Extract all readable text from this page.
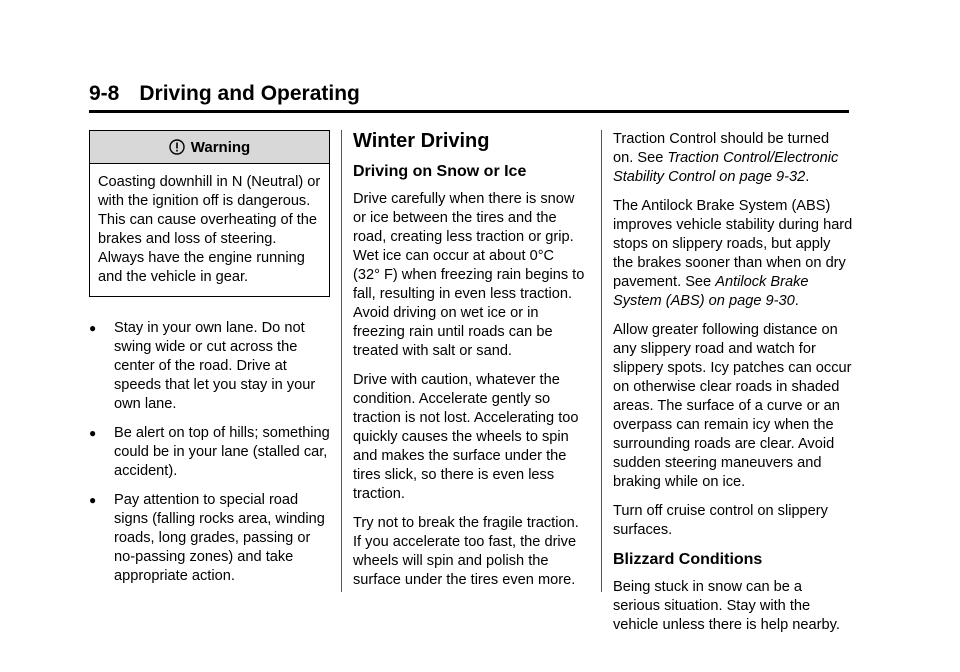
9-8 Driving and Operating
Warning
Coasting downhill in N (Neutral) or with the ignition off is dangerous. This can cause overheating of the brakes and loss of steering. Always have the engine running and the vehicle in gear.
● Stay in your own lane. Do not swing wide or cut across the center of the road. Drive at speeds that let you stay in your own lane.
● Be alert on top of hills; something could be in your lane (stalled car, accident).
● Pay attention to special road signs (falling rocks area, winding roads, long grades, passing or no-passing zones) and take appropriate action.
Winter Driving
Driving on Snow or Ice

Drive carefully when there is snow or ice between the tires and the road, creating less traction or grip. Wet ice can occur at about 0°C (32° F) when freezing rain begins to fall, resulting in even less traction. Avoid driving on wet ice or in freezing rain until roads can be treated with salt or sand.

Drive with caution, whatever the condition. Accelerate gently so traction is not lost. Accelerating too quickly causes the wheels to spin and makes the surface under the tires slick, so there is even less traction.

Try not to break the fragile traction. If you accelerate too fast, the drive wheels will spin and polish the surface under the tires even more.

Traction Control should be turned on. See Traction Control/Electronic Stability Control on page 9-32.

The Antilock Brake System (ABS) improves vehicle stability during hard stops on slippery roads, but apply the brakes sooner than when on dry pavement. See Antilock Brake System (ABS) on page 9-30.

Allow greater following distance on any slippery road and watch for slippery spots. Icy patches can occur on otherwise clear roads in shaded areas. The surface of a curve or an overpass can remain icy when the surrounding roads are clear. Avoid sudden steering maneuvers and braking while on ice.

Turn off cruise control on slippery surfaces.

Blizzard Conditions

Being stuck in snow can be a serious situation. Stay with the vehicle unless there is help nearby.
